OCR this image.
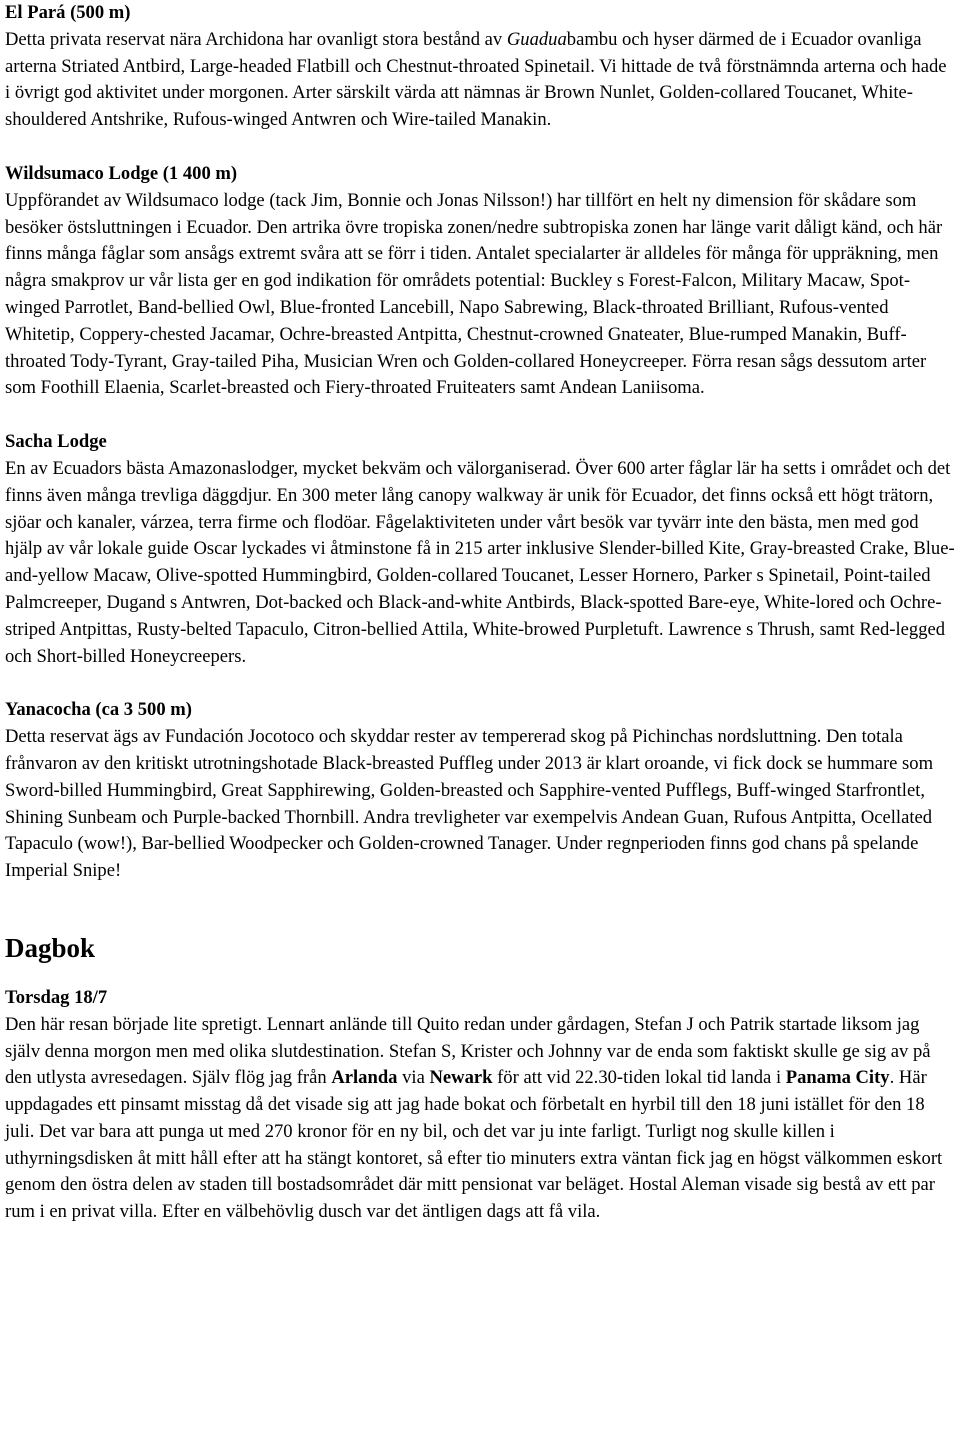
El Pará (500 m)

Detta privata reservat nära Archidona har ovanligt stora bestånd av Guaduabambu och hyser därmed de i Ecuador ovanliga arterna Striated Antbird, Large-headed Flatbill och Chestnut-throated Spinetail. Vi hittade de två förstnämnda arterna och hade i övrigt god aktivitet under morgonen. Arter särskilt värda att nämnas är Brown Nunlet, Golden-collared Toucanet, White-shouldered Antshrike, Rufous-winged Antwren och Wire-tailed Manakin.

Wildsumaco Lodge (1 400 m)

Uppförandet av Wildsumaco lodge (tack Jim, Bonnie och Jonas Nilsson!) har tillfört en helt ny dimension för skådare som besöker östsluttningen i Ecuador. Den artrika övre tropiska zonen/nedre subtropiska zonen har länge varit dåligt känd, och här finns många fåglar som ansågs extremt svåra att se förr i tiden. Antalet specialarter är alldeles för många för uppräkning, men några smakprov ur vår lista ger en god indikation för områdets potential: Buckley s Forest-Falcon, Military Macaw, Spot-winged Parrotlet, Band-bellied Owl, Blue-fronted Lancebill, Napo Sabrewing, Black-throated Brilliant, Rufous-vented Whitetip, Coppery-chested Jacamar, Ochre-breasted Antpitta, Chestnut-crowned Gnateater, Blue-rumped Manakin, Buff-throated Tody-Tyrant, Gray-tailed Piha, Musician Wren och Golden-collared Honeycreeper. Förra resan sågs dessutom arter som Foothill Elaenia, Scarlet-breasted och Fiery-throated Fruiteaters samt Andean Laniisoma.

Sacha Lodge

En av Ecuadors bästa Amazonaslodger, mycket bekväm och välorganiserad. Över 600 arter fåglar lär ha setts i området och det finns även många trevliga däggdjur. En 300 meter lång canopy walkway är unik för Ecuador, det finns också ett högt trätorn, sjöar och kanaler, várzea, terra firme och flodöar. Fågelaktiviteten under vårt besök var tyvärr inte den bästa, men med god hjälp av vår lokale guide Oscar lyckades vi åtminstone få in 215 arter inklusive Slender-billed Kite, Gray-breasted Crake, Blue-and-yellow Macaw, Olive-spotted Hummingbird, Golden-collared Toucanet, Lesser Hornero, Parker s Spinetail, Point-tailed Palmcreeper, Dugand s Antwren, Dot-backed och Black-and-white Antbirds, Black-spotted Bare-eye, White-lored och Ochre-striped Antpittas, Rusty-belted Tapaculo, Citron-bellied Attila, White-browed Purpletuft. Lawrence s Thrush, samt Red-legged och Short-billed Honeycreepers.

Yanacocha (ca 3 500 m)

Detta reservat ägs av Fundación Jocotoco och skyddar rester av tempererad skog på Pichinchas nordsluttning. Den totala frånvaron av den kritiskt utrotningshotade Black-breasted Puffleg under 2013 är klart oroande, vi fick dock se hummare som Sword-billed Hummingbird, Great Sapphirewing, Golden-breasted och Sapphire-vented Pufflegs, Buff-winged Starfrontlet, Shining Sunbeam och Purple-backed Thornbill. Andra trevligheter var exempelvis Andean Guan, Rufous Antpitta, Ocellated Tapaculo (wow!), Bar-bellied Woodpecker och Golden-crowned Tanager. Under regnperioden finns god chans på spelande Imperial Snipe!

Dagbok
Torsdag 18/7

Den här resan började lite spretigt. Lennart anlände till Quito redan under gårdagen, Stefan J och Patrik startade liksom jag själv denna morgon men med olika slutdestination. Stefan S, Krister och Johnny var de enda som faktiskt skulle ge sig av på den utlysta avresedagen. Själv flög jag från Arlanda via Newark för att vid 22.30-tiden lokal tid landa i Panama City. Här uppdagades ett pinsamt misstag då det visade sig att jag hade bokat och förbetalt en hyrbil till den 18 juni istället för den 18 juli. Det var bara att punga ut med 270 kronor för en ny bil, och det var ju inte farligt. Turligt nog skulle killen i uthyrningsdisken åt mitt håll efter att ha stängt kontoret, så efter tio minuters extra väntan fick jag en högst välkommen eskort genom den östra delen av staden till bostadsområdet där mitt pensionat var beläget. Hostal Aleman visade sig bestå av ett par rum i en privat villa. Efter en välbehövlig dusch var det äntligen dags att få vila.
